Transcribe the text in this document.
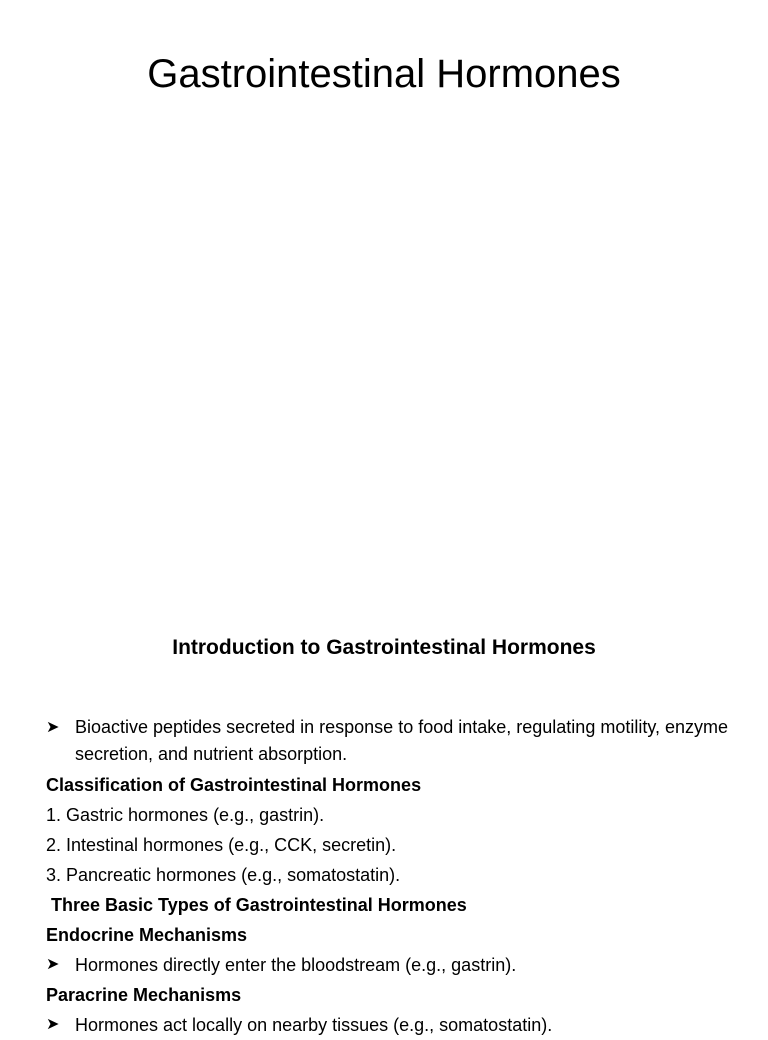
Gastrointestinal Hormones
Introduction to Gastrointestinal Hormones
➤ Bioactive peptides secreted in response to food intake, regulating motility, enzyme secretion, and nutrient absorption.
Classification of Gastrointestinal Hormones
1. Gastric hormones (e.g., gastrin).
2. Intestinal hormones (e.g., CCK, secretin).
3. Pancreatic hormones (e.g., somatostatin).
Three Basic Types of Gastrointestinal Hormones
Endocrine Mechanisms
➤ Hormones directly enter the bloodstream (e.g., gastrin).
Paracrine Mechanisms
➤ Hormones act locally on nearby tissues (e.g., somatostatin).
